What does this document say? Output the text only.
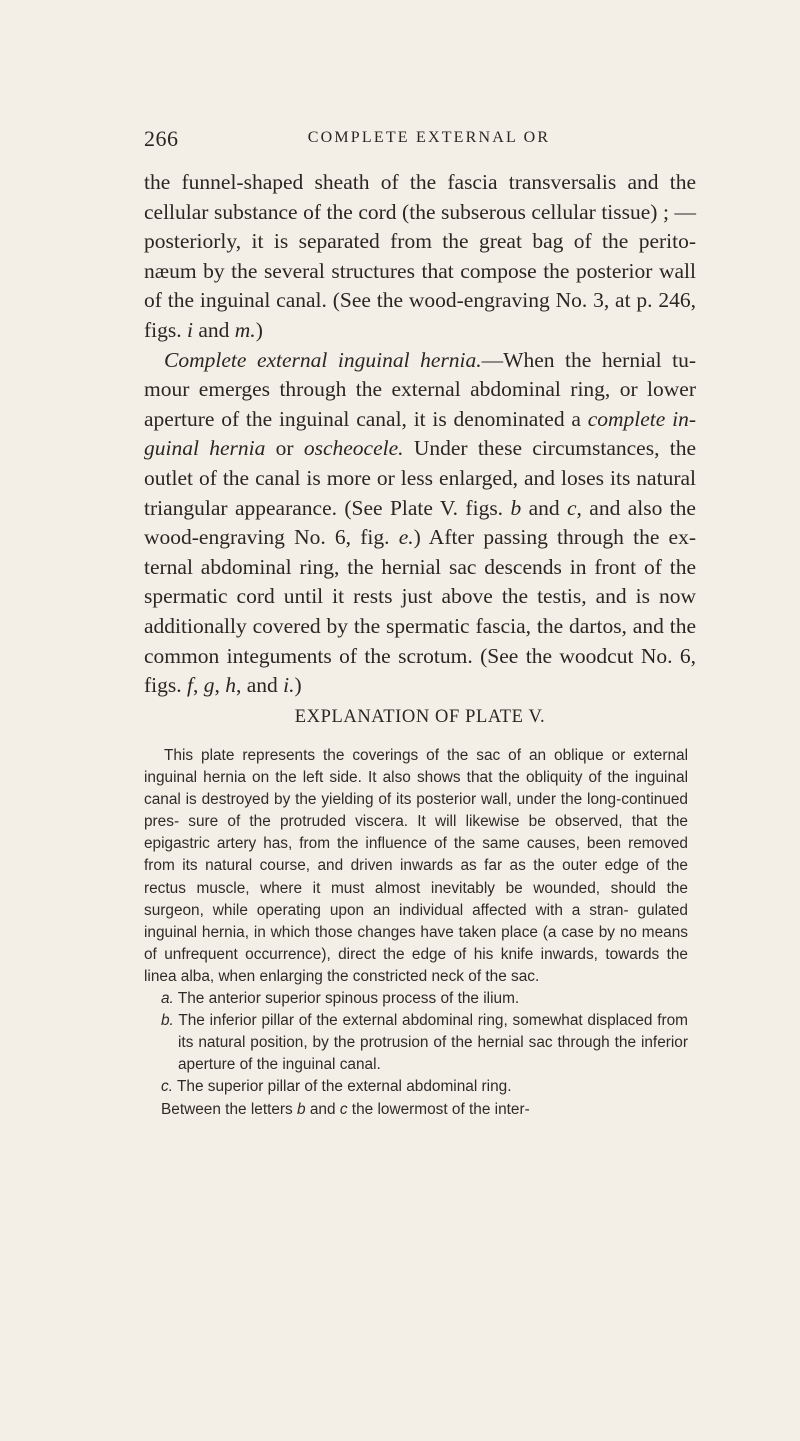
266	COMPLETE EXTERNAL OR

the funnel-shaped sheath of the fascia transversalis and the cellular substance of the cord (the subserous cellular tissue) ; —posteriorly, it is separated from the great bag of the perito- næum by the several structures that compose the posterior wall of the inguinal canal. (See the wood-engraving No. 3, at p. 246, figs. i and m.)

Complete external inguinal hernia.—When the hernial tu- mour emerges through the external abdominal ring, or lower aperture of the inguinal canal, it is denominated a complete in- guinal hernia or oscheocele. Under these circumstances, the outlet of the canal is more or less enlarged, and loses its natural triangular appearance. (See Plate V. figs. b and c, and also the wood-engraving No. 6, fig. e.) After passing through the ex- ternal abdominal ring, the hernial sac descends in front of the spermatic cord until it rests just above the testis, and is now additionally covered by the spermatic fascia, the dartos, and the common integuments of the scrotum. (See the woodcut No. 6, figs. f, g, h, and i.)

EXPLANATION OF PLATE V.

This plate represents the coverings of the sac of an oblique or external inguinal hernia on the left side. It also shows that the obliquity of the inguinal canal is destroyed by the yielding of its posterior wall, under the long-continued pres- sure of the protruded viscera. It will likewise be observed, that the epigastric artery has, from the influence of the same causes, been removed from its natural course, and driven inwards as far as the outer edge of the rectus muscle, where it must almost inevitably be wounded, should the surgeon, while operating upon an individual affected with a stran- gulated inguinal hernia, in which those changes have taken place (a case by no means of unfrequent occurrence), direct the edge of his knife inwards, towards the linea alba, when enlarging the constricted neck of the sac.

a. The anterior superior spinous process of the ilium.

b. The inferior pillar of the external abdominal ring, somewhat displaced from its natural position, by the protrusion of the hernial sac through the inferior aperture of the inguinal canal.

c. The superior pillar of the external abdominal ring.

Between the letters b and c the lowermost of the inter-
